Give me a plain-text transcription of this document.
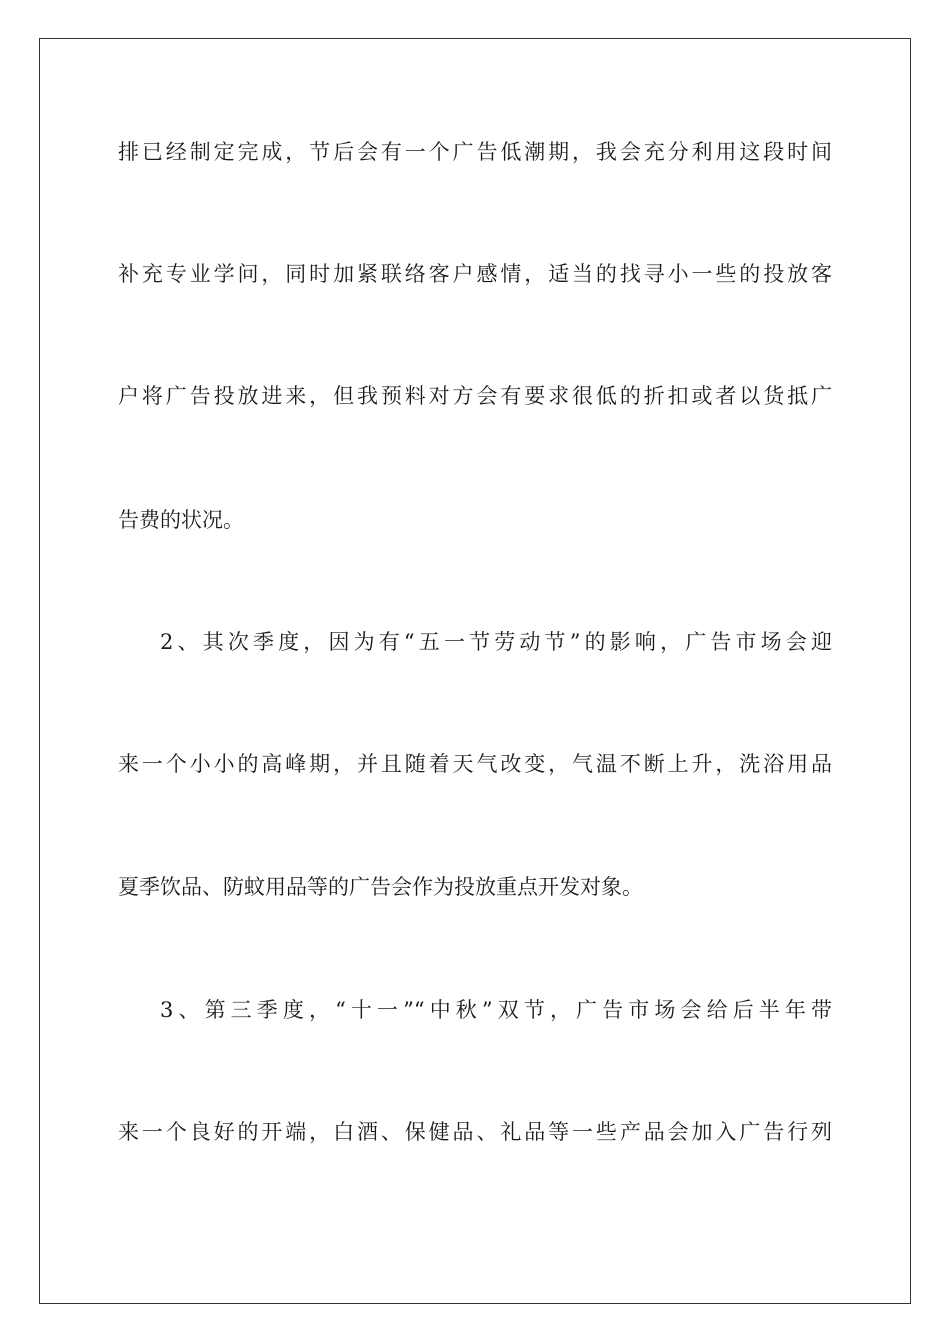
排已经制定完成，节后会有一个广告低潮期，我会充分利用这段时间
补充专业学问，同时加紧联络客户感情，适当的找寻小一些的投放客
户将广告投放进来，但我预料对方会有要求很低的折扣或者以货抵广
告费的状况。
2、其次季度，因为有“五一节劳动节”的影响，广告市场会迎
来一个小小的高峰期，并且随着天气改变，气温不断上升，洗浴用品
夏季饮品、防蚊用品等的广告会作为投放重点开发对象。
3、第三季度，“十一”“中秋”双节，广告市场会给后半年带
来一个良好的开端，白酒、保健品、礼品等一些产品会加入广告行列
